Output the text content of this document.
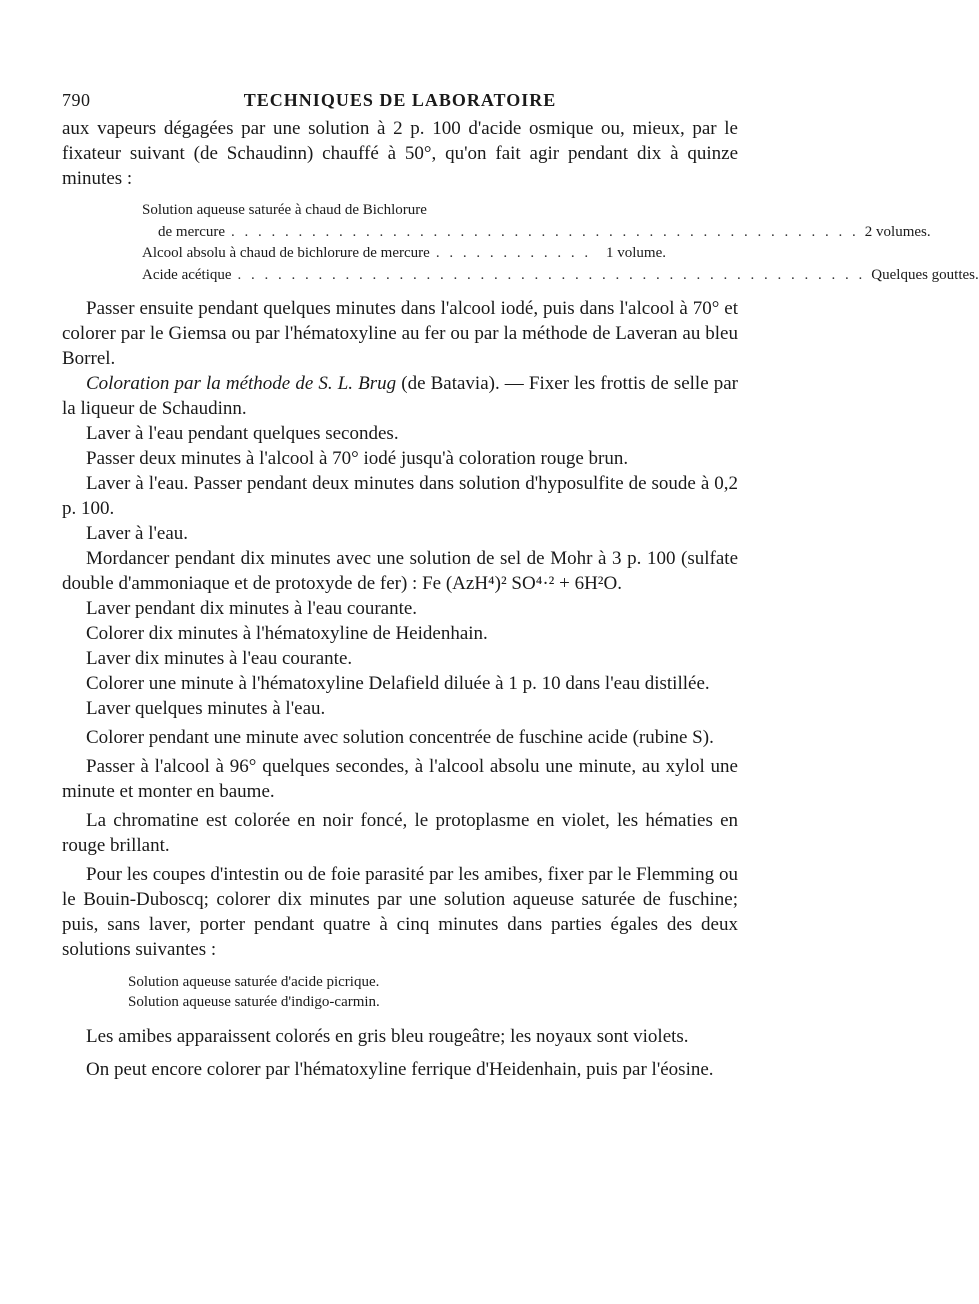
790	TECHNIQUES DE LABORATOIRE

aux vapeurs dégagées par une solution à 2 p. 100 d'acide osmique ou, mieux, par le fixateur suivant (de Schaudinn) chauffé à 50°, qu'on fait agir pendant dix à quinze minutes :

Solution aqueuse saturée à chaud de Bichlorure
de mercure . . . . . . . . . . . . . . . . . . . . . . . . . . . . . . . . . . . . . . . . . . . . . . . 2 volumes.
Alcool absolu à chaud de bichlorure de mercure . . . . . . . . . . . . 1 volume.
Acide acétique . . . . . . . . . . . . . . . . . . . . . . . . . . . . . . . . . . . . . . . . . . . . . . . Quelques gouttes.

Passer ensuite pendant quelques minutes dans l'alcool iodé, puis dans l'alcool à 70° et colorer par le Giemsa ou par l'hématoxyline au fer ou par la méthode de Laveran au bleu Borrel.

Coloration par la méthode de S. L. Brug (de Batavia). — Fixer les frottis de selle par la liqueur de Schaudinn.

Laver à l'eau pendant quelques secondes.

Passer deux minutes à l'alcool à 70° iodé jusqu'à coloration rouge brun.

Laver à l'eau. Passer pendant deux minutes dans solution d'hyposulfite de soude à 0,2 p. 100.

Laver à l'eau.

Mordancer pendant dix minutes avec une solution de sel de Mohr à 3 p. 100 (sulfate double d'ammoniaque et de protoxyde de fer) : Fe (AzH⁴)² SO⁴·² + 6H²O.

Laver pendant dix minutes à l'eau courante.

Colorer dix minutes à l'hématoxyline de Heidenhain.

Laver dix minutes à l'eau courante.

Colorer une minute à l'hématoxyline Delafield diluée à 1 p. 10 dans l'eau distillée.

Laver quelques minutes à l'eau.

Colorer pendant une minute avec solution concentrée de fuschine acide (rubine S).

Passer à l'alcool à 96° quelques secondes, à l'alcool absolu une minute, au xylol une minute et monter en baume.

La chromatine est colorée en noir foncé, le protoplasme en violet, les hématies en rouge brillant.

Pour les coupes d'intestin ou de foie parasité par les amibes, fixer par le Flemming ou le Bouin-Duboscq; colorer dix minutes par une solution aqueuse saturée de fuschine; puis, sans laver, porter pendant quatre à cinq minutes dans parties égales des deux solutions suivantes :

Solution aqueuse saturée d'acide picrique.
Solution aqueuse saturée d'indigo-carmin.

Les amibes apparaissent colorés en gris bleu rougeâtre; les noyaux sont violets.

On peut encore colorer par l'hématoxyline ferrique d'Heidenhain, puis par l'éosine.
